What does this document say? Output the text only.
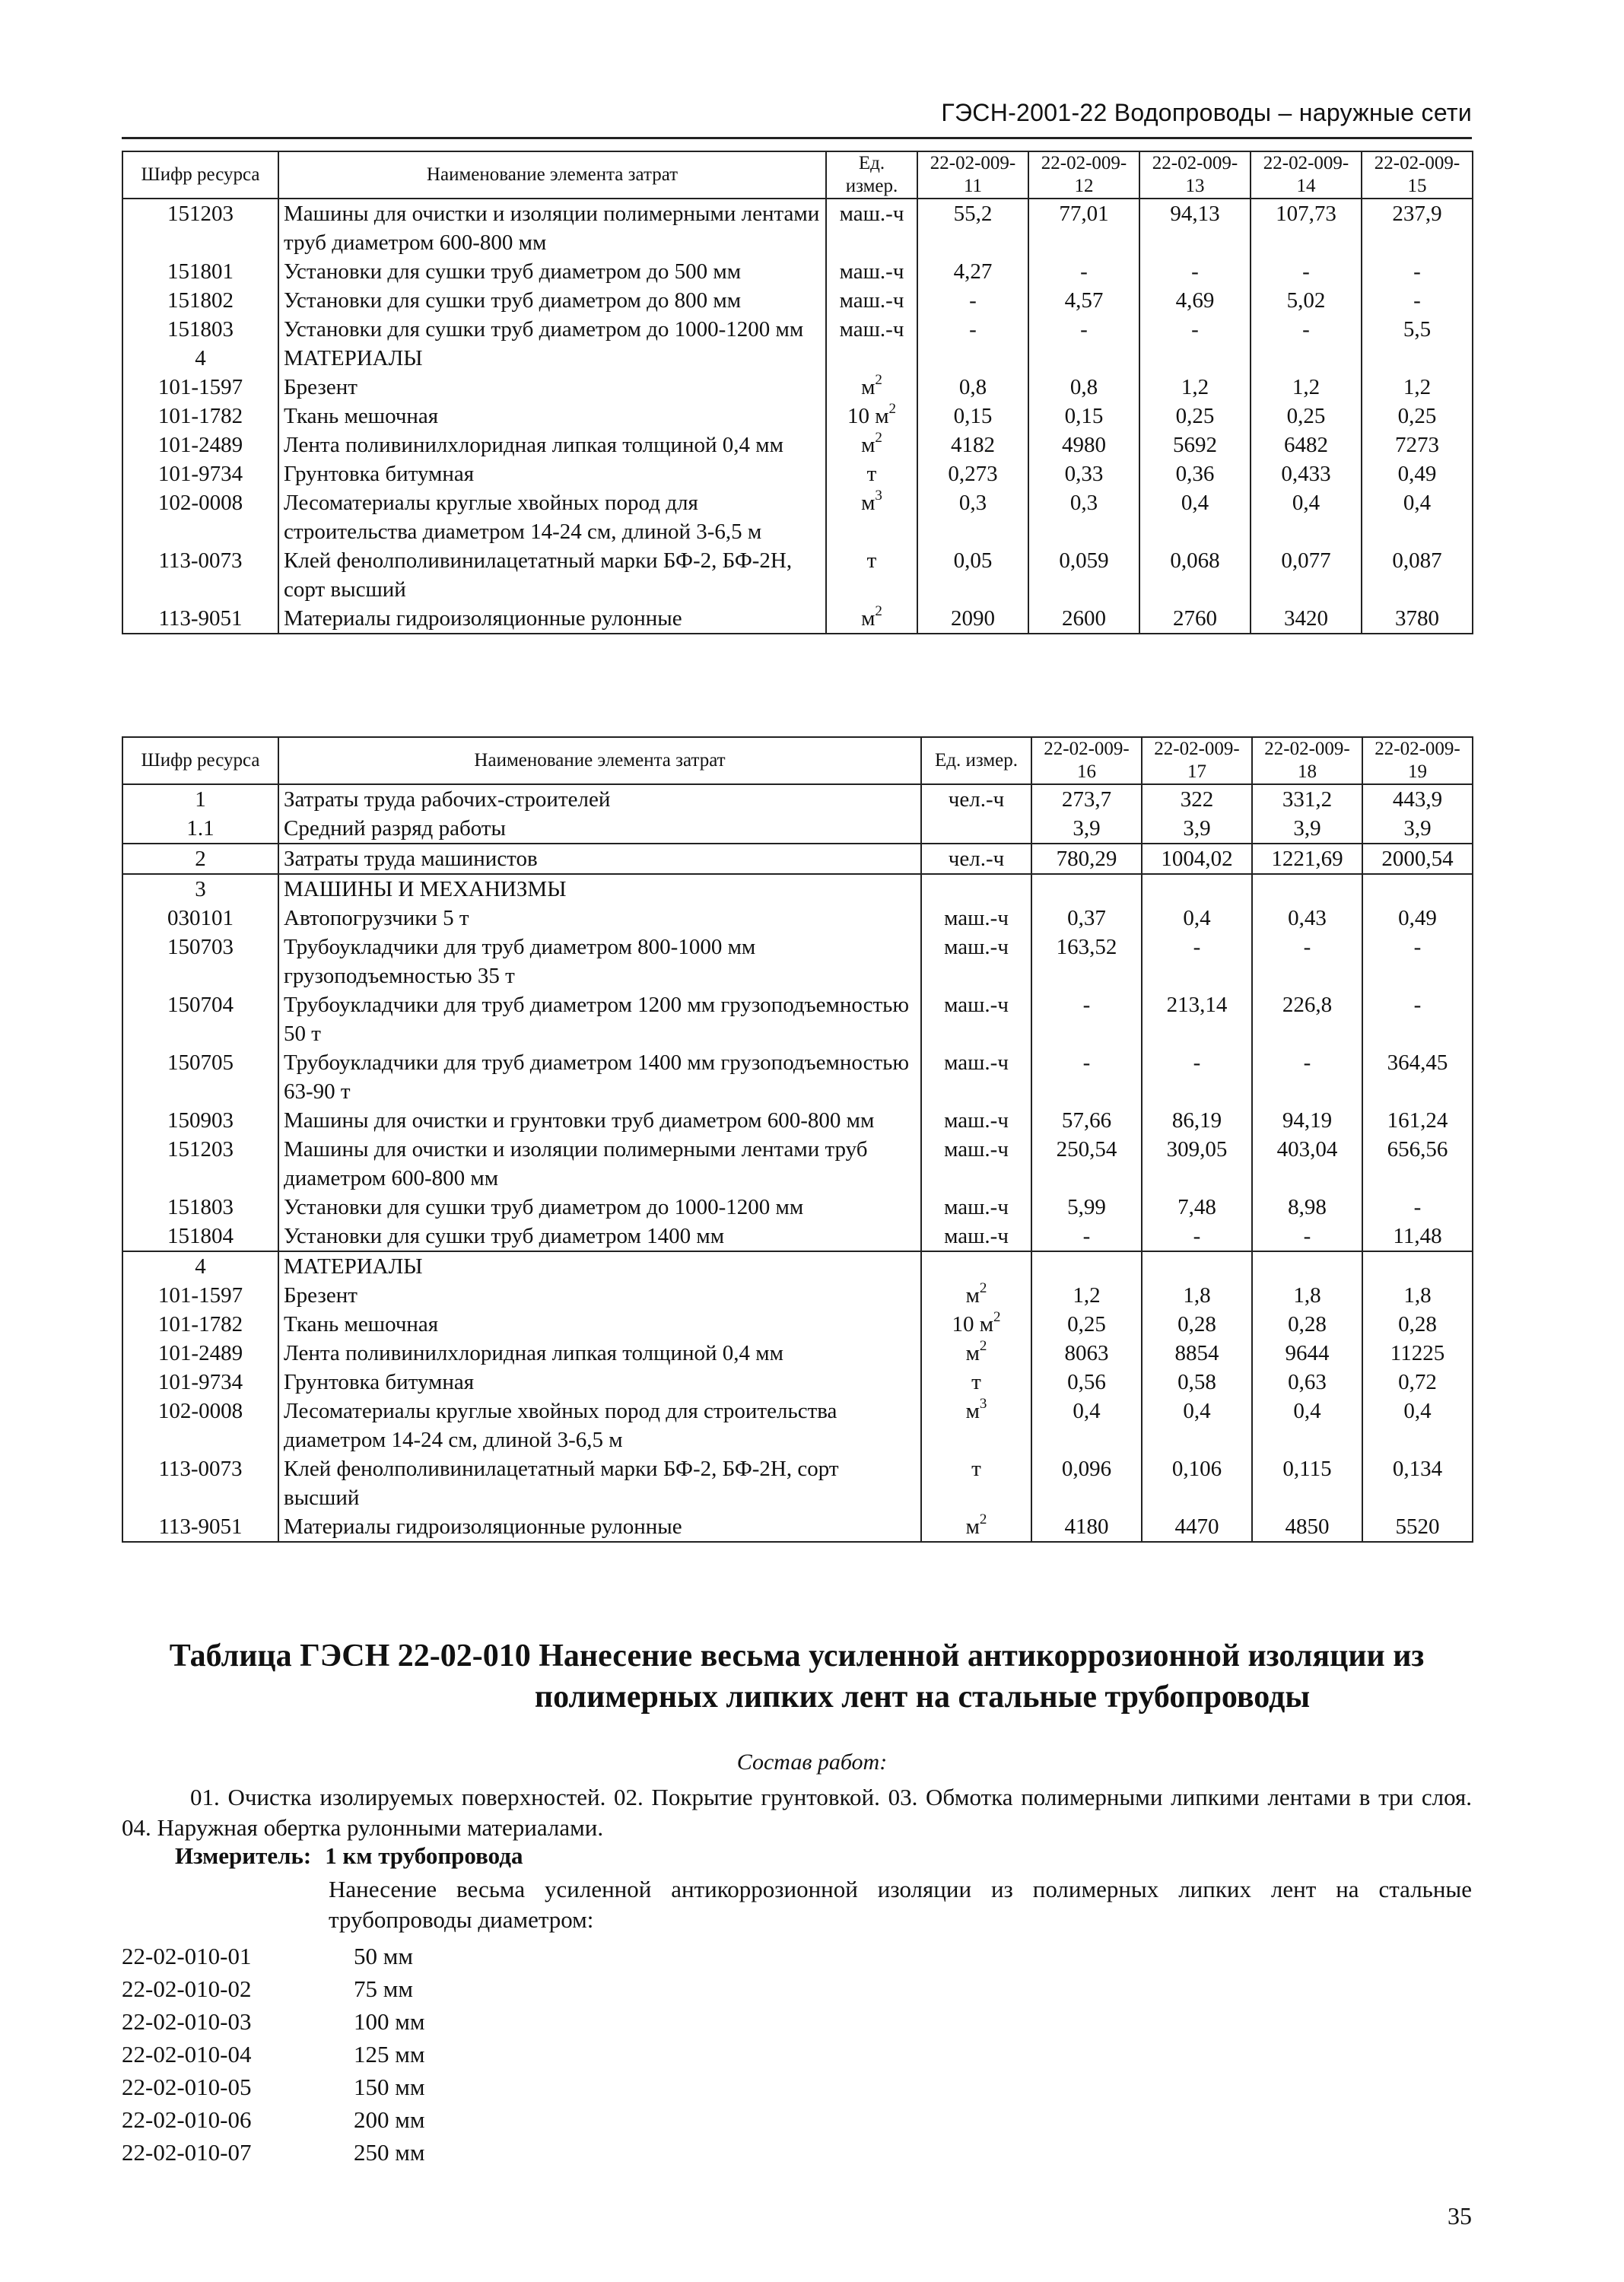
ГЭСН-2001-22 Водопроводы – наружные сети
Шифр ресурса	Наименование элемента затрат	Ед. измер.	22-02-009-11	22-02-009-12	22-02-009-13	22-02-009-14	22-02-009-15
151203	Машины для очистки и изоляции полимерными лентами труб диаметром 600-800 мм	маш.-ч	55,2	77,01	94,13	107,73	237,9
151801	Установки для сушки труб диаметром до 500 мм	маш.-ч	4,27	-	-	-	-
151802	Установки для сушки труб диаметром до 800 мм	маш.-ч	-	4,57	4,69	5,02	-
151803	Установки для сушки труб диаметром до 1000-1200 мм	маш.-ч	-	-	-	-	5,5
4	МАТЕРИАЛЫ						
101-1597	Брезент	$м^2$	0,8	0,8	1,2	1,2	1,2
101-1782	Ткань мешочная	10 $м^2$	0,15	0,15	0,25	0,25	0,25
101-2489	Лента поливинилхлоридная липкая толщиной 0,4 мм	$м^2$	4182	4980	5692	6482	7273
101-9734	Грунтовка битумная	т	0,273	0,33	0,36	0,433	0,49
102-0008	Лесоматериалы круглые хвойных пород для строительства диаметром 14-24 см, длиной 3-6,5 м	$м^3$	0,3	0,3	0,4	0,4	0,4
113-0073	Клей фенолполивинилацетатный марки БФ-2, БФ-2Н, сорт высший	т	0,05	0,059	0,068	0,077	0,087
113-9051	Материалы гидроизоляционные рулонные	$м^2$	2090	2600	2760	3420	3780
Шифр ресурса	Наименование элемента затрат	Ед. измер.	22-02-009-16	22-02-009-17	22-02-009-18	22-02-009-19
1	Затраты труда рабочих-строителей	чел.-ч	273,7	322	331,2	443,9
1.1	Средний разряд работы		3,9	3,9	3,9	3,9
2	Затраты труда машинистов	чел.-ч	780,29	1004,02	1221,69	2000,54
3	МАШИНЫ И МЕХАНИЗМЫ					
030101	Автопогрузчики 5 т	маш.-ч	0,37	0,4	0,43	0,49
150703	Трубоукладчики для труб диаметром 800-1000 мм грузоподъемностью 35 т	маш.-ч	163,52	-	-	-
150704	Трубоукладчики для труб диаметром 1200 мм грузоподъемностью 50 т	маш.-ч	-	213,14	226,8	-
150705	Трубоукладчики для труб диаметром 1400 мм грузоподъемностью 63-90 т	маш.-ч	-	-	-	364,45
150903	Машины для очистки и грунтовки труб диаметром 600-800 мм	маш.-ч	57,66	86,19	94,19	161,24
151203	Машины для очистки и изоляции полимерными лентами труб диаметром 600-800 мм	маш.-ч	250,54	309,05	403,04	656,56
151803	Установки для сушки труб диаметром до 1000-1200 мм	маш.-ч	5,99	7,48	8,98	-
151804	Установки для сушки труб диаметром 1400 мм	маш.-ч	-	-	-	11,48
4	МАТЕРИАЛЫ					
101-1597	Брезент	$м^2$	1,2	1,8	1,8	1,8
101-1782	Ткань мешочная	10 $м^2$	0,25	0,28	0,28	0,28
101-2489	Лента поливинилхлоридная липкая толщиной 0,4 мм	$м^2$	8063	8854	9644	11225
101-9734	Грунтовка битумная	т	0,56	0,58	0,63	0,72
102-0008	Лесоматериалы круглые хвойных пород для строительства диаметром 14-24 см, длиной 3-6,5 м	$м^3$	0,4	0,4	0,4	0,4
113-0073	Клей фенолполивинилацетатный марки БФ-2, БФ-2Н, сорт высший	т	0,096	0,106	0,115	0,134
113-9051	Материалы гидроизоляционные рулонные	$м^2$	4180	4470	4850	5520
Таблица ГЭСН 22-02-010 Нанесение весьма усиленной антикоррозионной изоляции из
полимерных липких лент на стальные трубопроводы
Состав работ:
01. Очистка изолируемых поверхностей. 02. Покрытие грунтовкой. 03. Обмотка полимерными липкими лентами в три слоя. 04. Наружная обертка рулонными материалами.
Измеритель: 1 км трубопровода
Нанесение весьма усиленной антикоррозионной изоляции из полимерных липких лент на стальные трубопроводы диаметром:
22-02-010-01	50 мм
22-02-010-02	75 мм
22-02-010-03	100 мм
22-02-010-04	125 мм
22-02-010-05	150 мм
22-02-010-06	200 мм
22-02-010-07	250 мм
35
